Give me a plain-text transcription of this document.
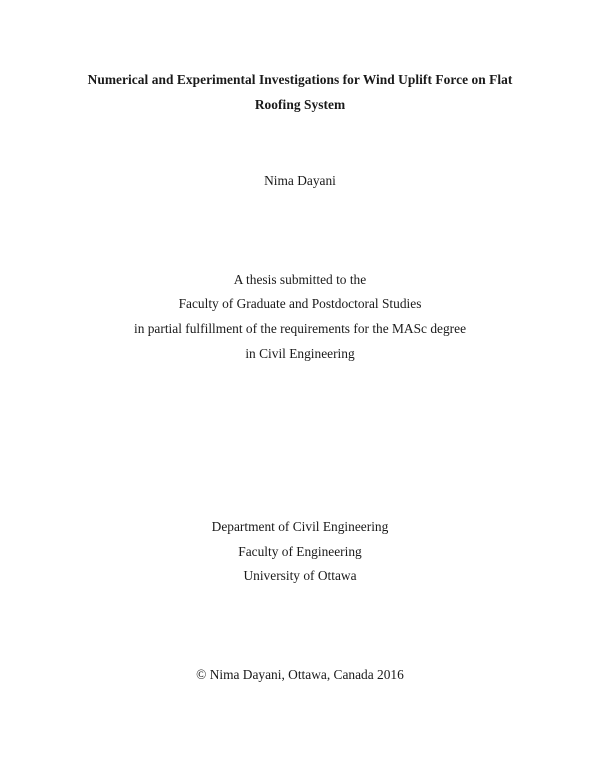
Numerical and Experimental Investigations for Wind Uplift Force on Flat
Roofing System
Nima Dayani
A thesis submitted to the
Faculty of Graduate and Postdoctoral Studies
in partial fulfillment of the requirements for the MASc degree
in Civil Engineering
Department of Civil Engineering
Faculty of Engineering
University of Ottawa
© Nima Dayani, Ottawa, Canada 2016
